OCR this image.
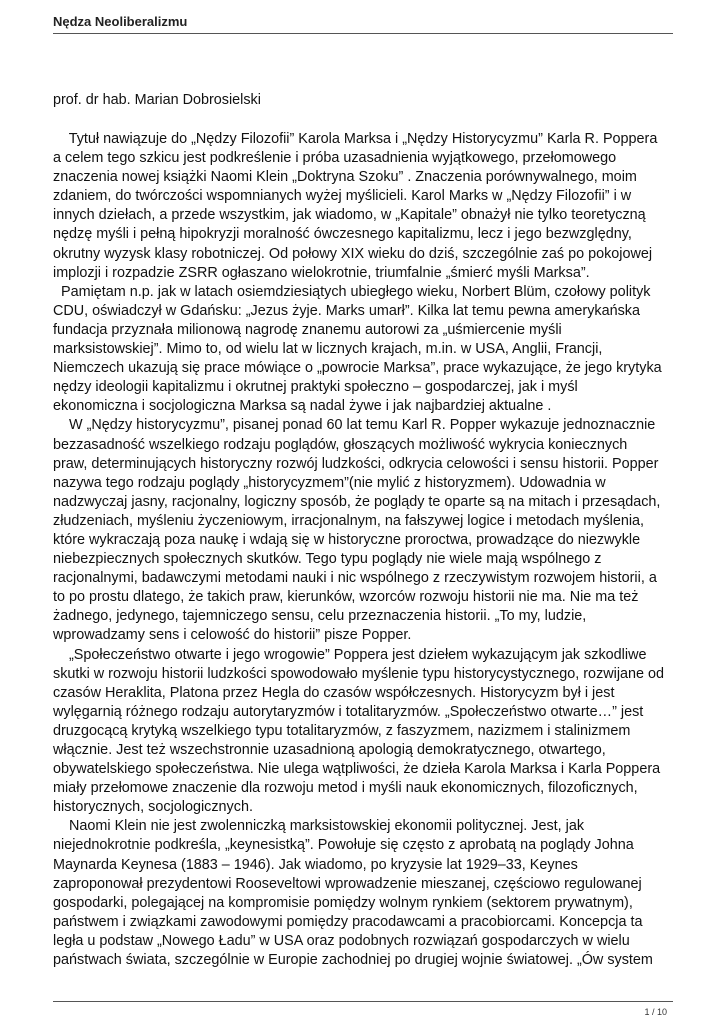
Nędza Neoliberalizmu
prof. dr hab. Marian Dobrosielski
Tytuł nawiązuje do „Nędzy Filozofii” Karola Marksa i „Nędzy Historycyzmu” Karla R. Poppera
a celem tego szkicu jest podkreślenie i próba uzasadnienia wyjątkowego, przełomowego
znaczenia nowej książki Naomi Klein „Doktryna Szoku” . Znaczenia porównywalnego, moim
zdaniem, do twórczości wspomnianych wyżej myślicieli. Karol Marks w „Nędzy Filozofii” i w
innych dziełach, a przede wszystkim, jak wiadomo, w „Kapitale” obnażył nie tylko teoretyczną
nędzę myśli i pełną hipokryzji moralność ówczesnego kapitalizmu, lecz i jego bezwzględny,
okrutny wyzysk klasy robotniczej. Od połowy XIX wieku do dziś, szczególnie zaś po pokojowej
implozji i rozpadzie ZSRR ogłaszano wielokrotnie, triumfalnie „śmierć myśli Marksa”.
Pamiętam n.p. jak w latach osiemdziesiątych ubiegłego wieku, Norbert Blüm, czołowy polityk
CDU, oświadczył w Gdańsku: „Jezus żyje. Marks umarł”. Kilka lat temu pewna amerykańska
fundacja przyznała milionową nagrodę znanemu autorowi za „uśmiercenie myśli
marksistowskiej”. Mimo to, od wielu lat w licznych krajach, m.in. w USA, Anglii, Francji,
Niemczech ukazują się prace mówiące o „powrocie Marksa”, prace wykazujące, że jego krytyka
nędzy ideologii kapitalizmu i okrutnej praktyki społeczno – gospodarczej, jak i myśl
ekonomiczna i socjologiczna Marksa są nadal żywe i jak najbardziej aktualne .
W „Nędzy historycyzmu”, pisanej ponad 60 lat temu Karl R. Popper wykazuje jednoznacznie
bezzasadność wszelkiego rodzaju poglądów, głoszących możliwość wykrycia koniecznych
praw, determinujących historyczny rozwój ludzkości, odkrycia celowości i sensu historii. Popper
nazywa tego rodzaju poglądy „historycyzmem”(nie mylić z historyzmem). Udowadnia w
nadzwyczaj jasny, racjonalny, logiczny sposób, że poglądy te oparte są na mitach i przesądach,
złudzeniach, myśleniu życzeniowym, irracjonalnym, na fałszywej logice i metodach myślenia,
które wykraczają poza naukę i wdają się w historyczne proroctwa, prowadzące do niezwykle
niebezpiecznych społecznych skutków. Tego typu poglądy nie wiele mają wspólnego z
racjonalnymi, badawczymi metodami nauki i nic wspólnego z rzeczywistym rozwojem historii, a
to po prostu dlatego, że takich praw, kierunków, wzorców rozwoju historii nie ma. Nie ma też
żadnego, jedynego, tajemniczego sensu, celu przeznaczenia historii. „To my, ludzie,
wprowadzamy sens i celowość do historii” pisze Popper.
„Społeczeństwo otwarte i jego wrogowie” Poppera jest dziełem wykazującym jak szkodliwe
skutki w rozwoju historii ludzkości spowodowało myślenie typu historycystycznego, rozwijane od
czasów Heraklita, Platona przez Hegla do czasów współczesnych. Historycyzm był i jest
wylęgarnią różnego rodzaju autorytaryzmów i totalitaryzmów. „Społeczeństwo otwarte…” jest
druzgocącą krytyką wszelkiego typu totalitaryzmów, z faszyzmem, nazizmem i stalinizmem
włącznie. Jest też wszechstronnie uzasadnioną apologią demokratycznego, otwartego,
obywatelskiego społeczeństwa. Nie ulega wątpliwości, że dzieła Karola Marksa i Karla Poppera
miały przełomowe znaczenie dla rozwoju metod i myśli nauk ekonomicznych, filozoficznych,
historycznych, socjologicznych.
Naomi Klein nie jest zwolenniczką marksistowskiej ekonomii politycznej. Jest, jak
niejednokrotnie podkreśla, „keynesistką”. Powołuje się często z aprobatą na poglądy Johna
Maynarda Keynesa (1883 – 1946). Jak wiadomo, po kryzysie lat 1929–33, Keynes
zaproponował prezydentowi Rooseveltowi wprowadzenie mieszanej, częściowo regulowanej
gospodarki, polegającej na kompromisie pomiędzy wolnym rynkiem (sektorem prywatnym),
państwem i związkami zawodowymi pomiędzy pracodawcami a pracobiorcami. Koncepcja ta
legła u podstaw „Nowego Ładu” w USA oraz podobnych rozwiązań gospodarczych w wielu
państwach świata, szczególnie w Europie zachodniej po drugiej wojnie światowej. „Ów system
1 / 10
